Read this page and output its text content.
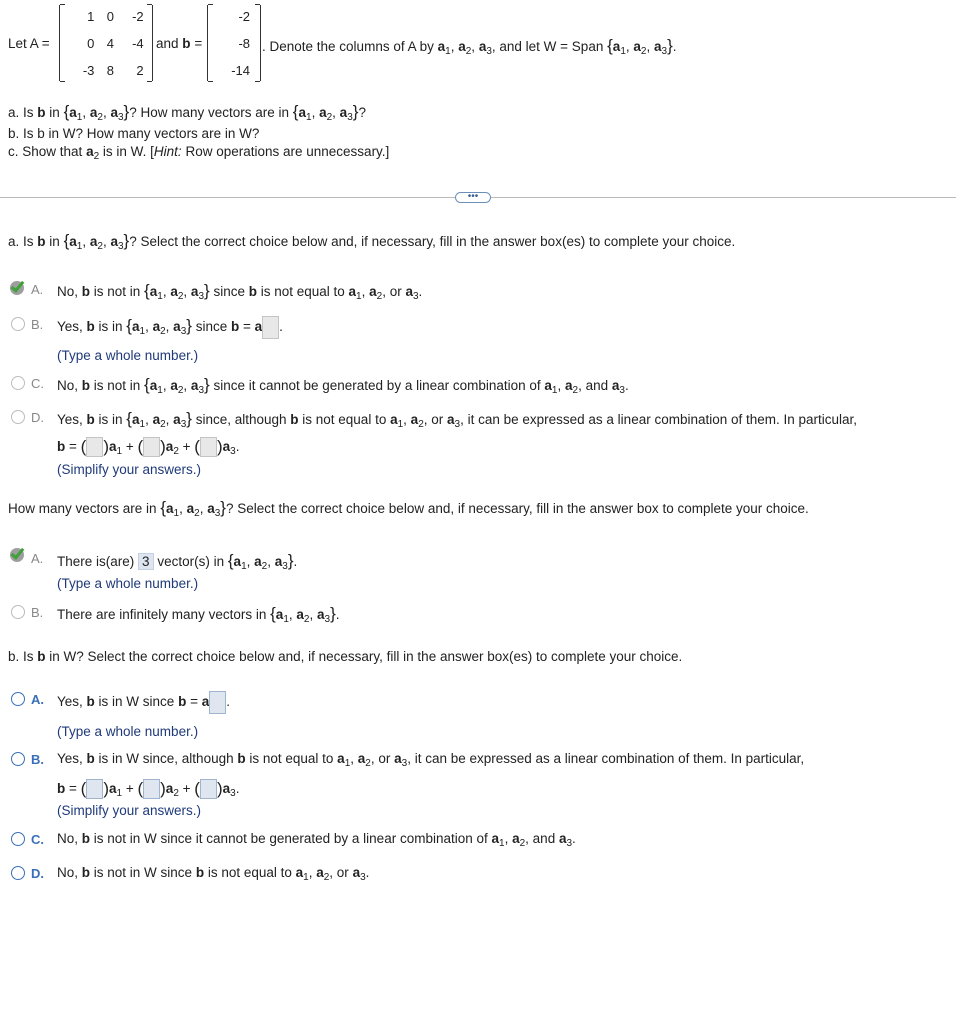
Let A =
1 0 -2
0 4 -4
-3 8 2
and b =
-2
-8
-14
. Denote the columns of A by $a_1$, $a_2$, $a_3$, and let W = Span {$a_1$, $a_2$, $a_3$}.
a. Is b in {$a_1$, $a_2$, $a_3$}? How many vectors are in {$a_1$, $a_2$, $a_3$}?
b. Is b in W? How many vectors are in W?
c. Show that $a_2$ is in W. [Hint: Row operations are unnecessary.]
•••
a. Is b in {$a_1$, $a_2$, $a_3$}? Select the correct choice below and, if necessary, fill in the answer box(es) to complete your choice.
A. No, b is not in {$a_1$, $a_2$, $a_3$} since b is not equal to $a_1$, $a_2$, or $a_3$.
B. Yes, b is in {$a_1$, $a_2$, $a_3$} since b = a .
(Type a whole number.)
C. No, b is not in {$a_1$, $a_2$, $a_3$} since it cannot be generated by a linear combination of $a_1$, $a_2$, and $a_3$.
D. Yes, b is in {$a_1$, $a_2$, $a_3$} since, although b is not equal to $a_1$, $a_2$, or $a_3$, it can be expressed as a linear combination of them. In particular,
b = ( )$a_1$ + ( )$a_2$ + ( )$a_3$.
(Simplify your answers.)
How many vectors are in {$a_1$, $a_2$, $a_3$}? Select the correct choice below and, if necessary, fill in the answer box to complete your choice.
A. There is(are) 3 vector(s) in {$a_1$, $a_2$, $a_3$}.
(Type a whole number.)
B. There are infinitely many vectors in {$a_1$, $a_2$, $a_3$}.
b. Is b in W? Select the correct choice below and, if necessary, fill in the answer box(es) to complete your choice.
A. Yes, b is in W since b = a .
(Type a whole number.)
B. Yes, b is in W since, although b is not equal to $a_1$, $a_2$, or $a_3$, it can be expressed as a linear combination of them. In particular,
b = ( )$a_1$ + ( )$a_2$ + ( )$a_3$.
(Simplify your answers.)
C. No, b is not in W since it cannot be generated by a linear combination of $a_1$, $a_2$, and $a_3$.
D. No, b is not in W since b is not equal to $a_1$, $a_2$, or $a_3$.
